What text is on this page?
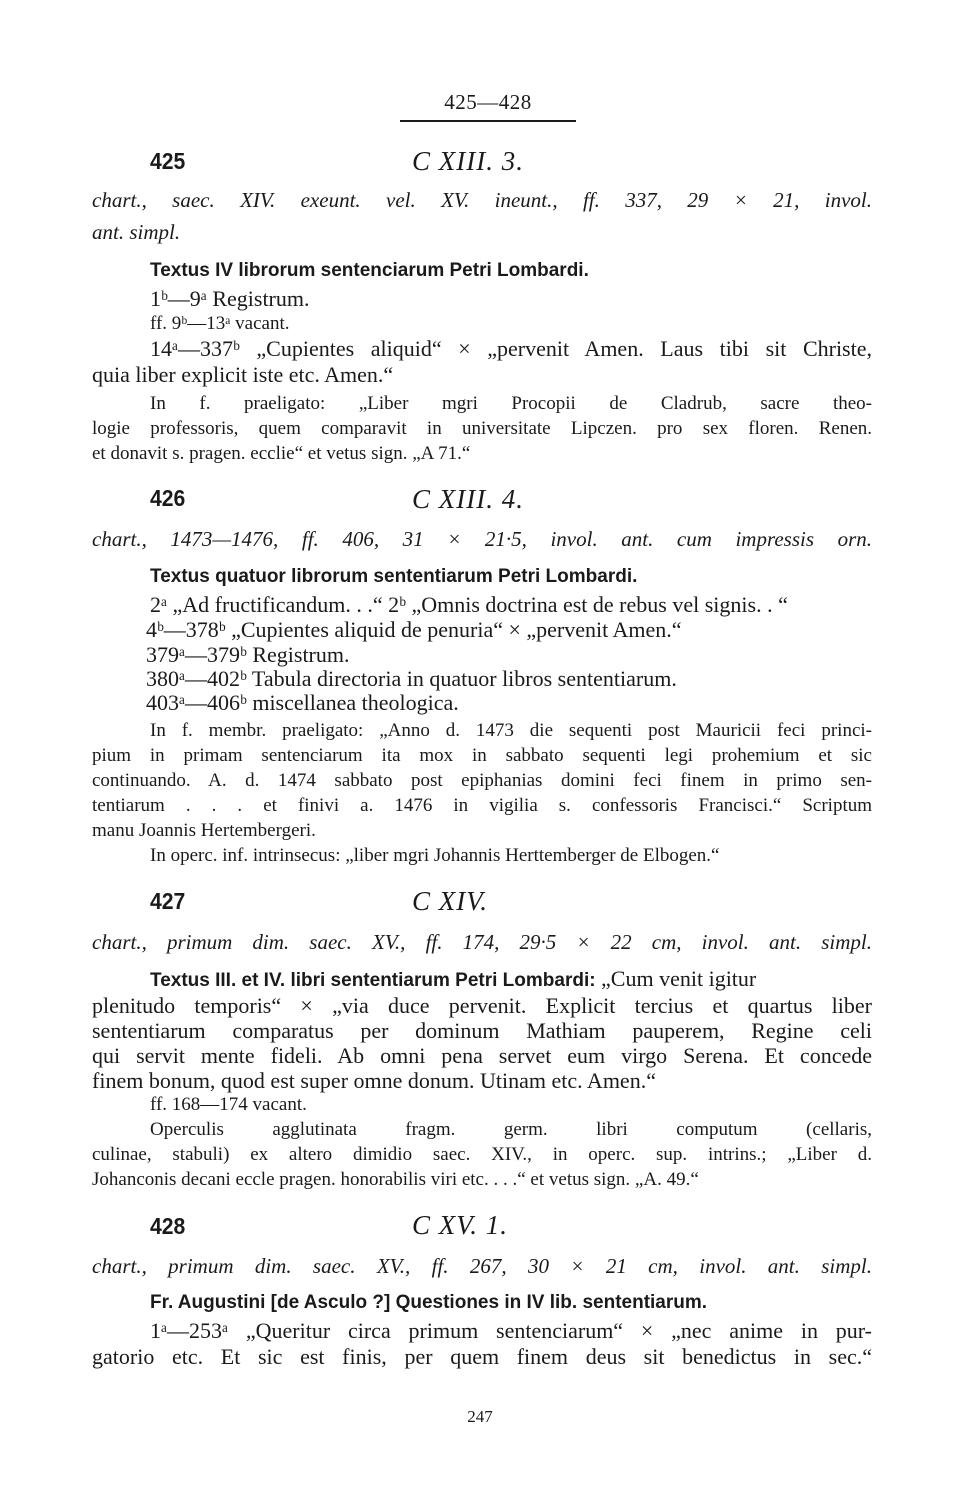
425—428
425	C XIII. 3.
chart., saec. XIV. exeunt. vel. XV. ineunt., ff. 337, 29 × 21, invol.
ant. simpl.
Textus IV librorum sentenciarum Petri Lombardi.
1ᵇ—9ᵃ Registrum.
ff. 9ᵇ—13ᵃ vacant.
14ᵃ—337ᵇ „Cupientes aliquid“ × „pervenit Amen. Laus tibi sit Christe,
quia liber explicit iste etc. Amen.“
In f. praeligato: „Liber mgri Procopii de Cladrub, sacre theo-
logie professoris, quem comparavit in universitate Lipczen. pro sex floren. Renen.
et donavit s. pragen. ecclie“ et vetus sign. „A 71.“
426	C XIII. 4.
chart., 1473—1476, ff. 406, 31 × 21·5, invol. ant. cum impressis orn.
Textus quatuor librorum sententiarum Petri Lombardi.
2ᵃ „Ad fructificandum. . .“ 2ᵇ „Omnis doctrina est de rebus vel signis. . “
4ᵇ—378ᵇ „Cupientes aliquid de penuria“ × „pervenit Amen.“
379ᵃ—379ᵇ Registrum.
380ᵃ—402ᵇ Tabula directoria in quatuor libros sententiarum.
403ᵃ—406ᵇ miscellanea theologica.
In f. membr. praeligato: „Anno d. 1473 die sequenti post Mauricii feci princi-
pium in primam sentenciarum ita mox in sabbato sequenti legi prohemium et sic
continuando. A. d. 1474 sabbato post epiphanias domini feci finem in primo sen-
tentiarum . . . et finivi a. 1476 in vigilia s. confessoris Francisci.“ Scriptum
manu Joannis Hertembergeri.
In operc. inf. intrinsecus: „liber mgri Johannis Herttemberger de Elbogen.“
427	C XIV.
chart., primum dim. saec. XV., ff. 174, 29·5 × 22 cm, invol. ant. simpl.
Textus III. et IV. libri sententiarum Petri Lombardi: „Cum venit igitur
plenitudo temporis“ × „via duce pervenit. Explicit tercius et quartus liber
sententiarum comparatus per dominum Mathiam pauperem, Regine celi
qui servit mente fideli. Ab omni pena servet eum virgo Serena. Et concede
finem bonum, quod est super omne donum. Utinam etc. Amen.“
ff. 168—174 vacant.
Operculis agglutinata fragm. germ. libri computum (cellaris,
culinae, stabuli) ex altero dimidio saec. XIV., in operc. sup. intrins.; „Liber d.
Johanconis decani eccle pragen. honorabilis viri etc. . . .“ et vetus sign. „A. 49.“
428	C XV. 1.
chart., primum dim. saec. XV., ff. 267, 30 × 21 cm, invol. ant. simpl.
Fr. Augustini [de Asculo ?] Questiones in IV lib. sententiarum.
1ᵃ—253ᵃ „Queritur circa primum sentenciarum“ × „nec anime in pur-
gatorio etc. Et sic est finis, per quem finem deus sit benedictus in sec.“
247
